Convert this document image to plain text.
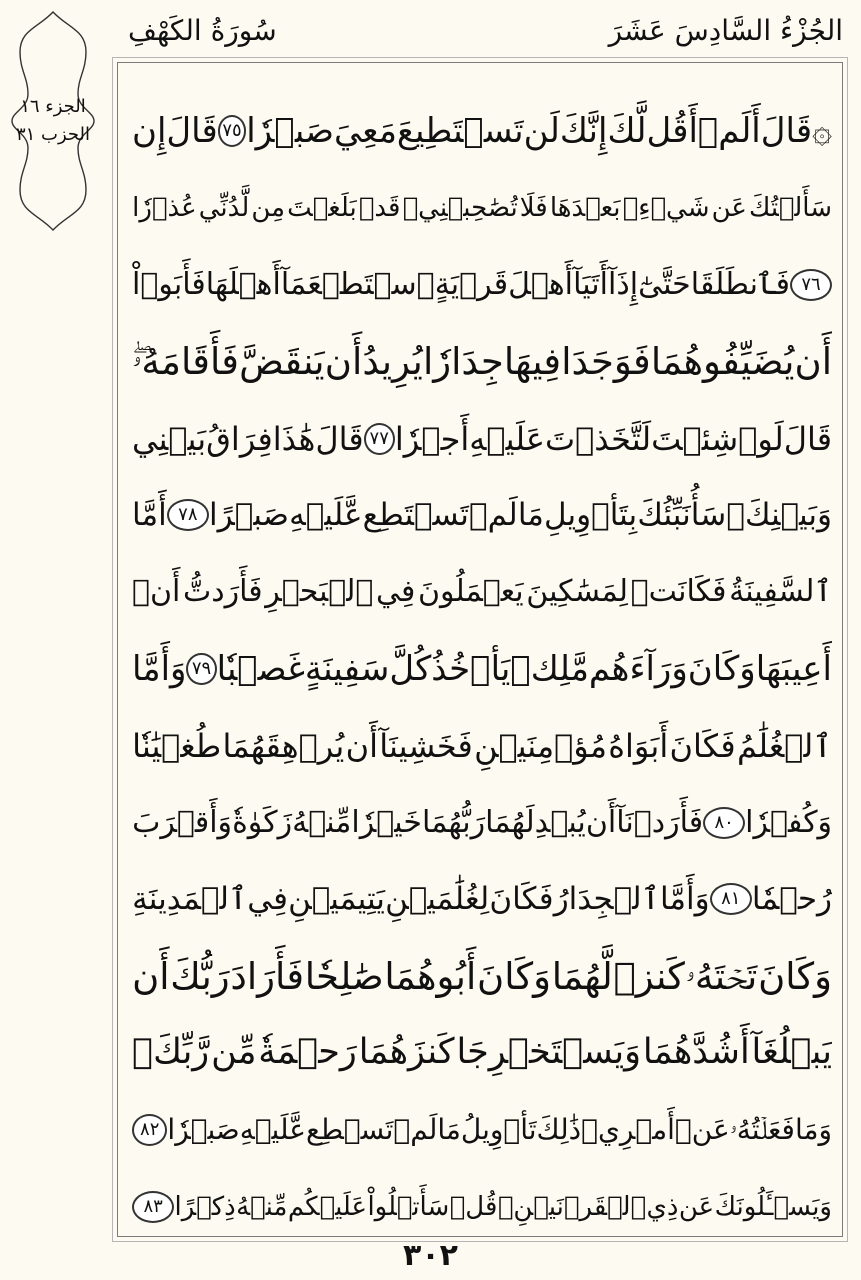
الجُزْءُ السَّادِسَ عَشَرَ
سُورَةُ الكَهْفِ
الجزء ١٦
الحزب ٣١	۞
قَالَ
أَلَمۡ
أَقُل
لَّكَ
إِنَّكَ
لَن
تَسۡتَطِيعَ
مَعِيَ
صَبۡرٗا
٧٥
قَالَ
إِن
سَأَلۡتُكَ
عَن
شَيۡءِۭ
بَعۡدَهَا
فَلَا
تُصَٰحِبۡنِيۖ
قَدۡ
بَلَغۡتَ
مِن
لَّدُنِّي
عُذۡرٗا
٧٦
فَٱنطَلَقَا
حَتَّىٰٓ
إِذَآ
أَتَيَآ
أَهۡلَ
قَرۡيَةٍ
ٱسۡتَطۡعَمَآ
أَهۡلَهَا
فَأَبَوۡاْ
أَن
يُضَيِّفُوهُمَا
فَوَجَدَا
فِيهَا
جِدَارٗا
يُرِيدُ
أَن
يَنقَضَّ
فَأَقَامَهُۥۖ
قَالَ
لَوۡ
شِئۡتَ
لَتَّخَذۡتَ
عَلَيۡهِ
أَجۡرٗا
٧٧
قَالَ
هَٰذَا
فِرَاقُ
بَيۡنِي
وَبَيۡنِكَۚ
سَأُنَبِّئُكَ
بِتَأۡوِيلِ
مَا
لَمۡ
تَسۡتَطِع
عَّلَيۡهِ
صَبۡرًا
٧٨
أَمَّا
ٱلسَّفِينَةُ
فَكَانَتۡ
لِمَسَٰكِينَ
يَعۡمَلُونَ
فِي
ٱلۡبَحۡرِ
فَأَرَدتُّ
أَنۡ
أَعِيبَهَا
وَكَانَ
وَرَآءَهُم
مَّلِكٞ
يَأۡخُذُ
كُلَّ
سَفِينَةٍ
غَصۡبٗا
٧٩
وَأَمَّا
ٱلۡغُلَٰمُ
فَكَانَ
أَبَوَاهُ
مُؤۡمِنَيۡنِ
فَخَشِينَآ
أَن
يُرۡهِقَهُمَا
طُغۡيَٰنٗا
وَكُفۡرٗا
٨٠
فَأَرَدۡنَآ
أَن
يُبۡدِلَهُمَا
رَبُّهُمَا
خَيۡرٗا
مِّنۡهُ
زَكَوٰةٗ
وَأَقۡرَبَ
رُحۡمٗا
٨١
وَأَمَّا
ٱلۡجِدَارُ
فَكَانَ
لِغُلَٰمَيۡنِ
يَتِيمَيۡنِ
فِي
ٱلۡمَدِينَةِ
وَكَانَ
تَحۡتَهُۥ
كَنزٞ
لَّهُمَا
وَكَانَ
أَبُوهُمَا
صَٰلِحٗا
فَأَرَادَ
رَبُّكَ
أَن
يَبۡلُغَآ
أَشُدَّهُمَا
وَيَسۡتَخۡرِجَا
كَنزَهُمَا
رَحۡمَةٗ
مِّن
رَّبِّكَۚ
وَمَا
فَعَلۡتُهُۥ
عَنۡ
أَمۡرِيۚ
ذَٰلِكَ
تَأۡوِيلُ
مَا
لَمۡ
تَسۡطِع
عَّلَيۡهِ
صَبۡرٗا
٨٢
وَيَسۡـَٔلُونَكَ
عَن
ذِي
ٱلۡقَرۡنَيۡنِۖ
قُلۡ
سَأَتۡلُواْ
عَلَيۡكُم
مِّنۡهُ
ذِكۡرًا
٨٣
٣٠٢
